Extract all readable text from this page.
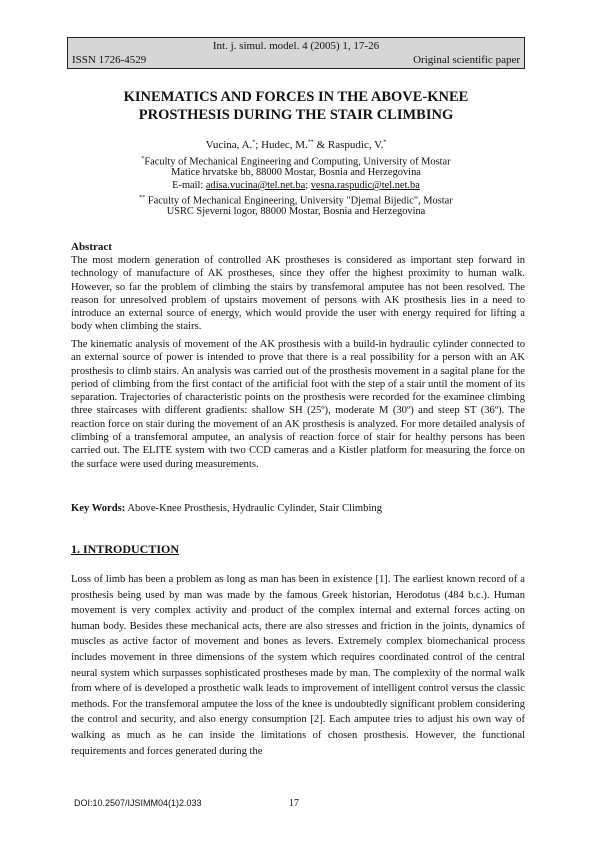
Int. j. simul. model. 4 (2005) 1, 17-26
ISSN 1726-4529	Original scientific paper
KINEMATICS AND FORCES IN THE ABOVE-KNEE
PROSTHESIS DURING THE STAIR CLIMBING
Vucina, A.*; Hudec, M.** & Raspudic, V.*
*Faculty of Mechanical Engineering and Computing, University of Mostar
Matice hrvatske bb, 88000 Mostar, Bosnia and Herzegovina
E-mail: adisa.vucina@tel.net.ba; vesna.raspudic@tel.net.ba
** Faculty of Mechanical Engineering, University "Djemal Bijedic", Mostar
USRC Sjeverni logor, 88000 Mostar, Bosnia and Herzegovina
Abstract
The most modern generation of controlled AK prostheses is considered as important step forward in technology of manufacture of AK prostheses, since they offer the highest proximity to human walk. However, so far the problem of climbing the stairs by transfemoral amputee has not been resolved. The reason for unresolved problem of upstairs movement of persons with AK prosthesis lies in a need to introduce an external source of energy, which would provide the user with energy required for lifting a body when climbing the stairs.
The kinematic analysis of movement of the AK prosthesis with a build-in hydraulic cylinder connected to an external source of power is intended to prove that there is a real possibility for a person with an AK prosthesis to climb stairs. An analysis was carried out of the prosthesis movement in a sagital plane for the period of climbing from the first contact of the artificial foot with the step of a stair until the moment of its separation. Trajectories of characteristic points on the prosthesis were recorded for the examinee climbing three staircases with different gradients: shallow SH (25º), moderate M (30º) and steep ST (36º). The reaction force on stair during the movement of an AK prosthesis is analyzed. For more detailed analysis of climbing of a transfemoral amputee, an analysis of reaction force of stair for healthy persons has been carried out. The ELITE system with two CCD cameras and a Kistler platform for measuring the force on the surface were used during measurements.
Key Words: Above-Knee Prosthesis, Hydraulic Cylinder, Stair Climbing
1. INTRODUCTION
Loss of limb has been a problem as long as man has been in existence [1]. The earliest known record of a prosthesis being used by man was made by the famous Greek historian, Herodotus (484 b.c.). Human movement is very complex activity and product of the complex internal and external forces acting on human body. Besides these mechanical acts, there are also stresses and friction in the joints, dynamics of muscles as active factor of movement and bones as levers. Extremely complex biomechanical process includes movement in three dimensions of the system which requires coordinated control of the central neural system which surpasses sophisticated prostheses made by man. The complexity of the normal walk from where of is developed a prosthetic walk leads to improvement of intelligent control versus the classic methods. For the transfemoral amputee the loss of the knee is undoubtedly significant problem considering the control and security, and also energy consumption [2]. Each amputee tries to adjust his own way of walking as much as he can inside the limitations of chosen prosthesis. However, the functional requirements and forces generated during the
DOI:10.2507/IJSIMM04(1)2.033	17
